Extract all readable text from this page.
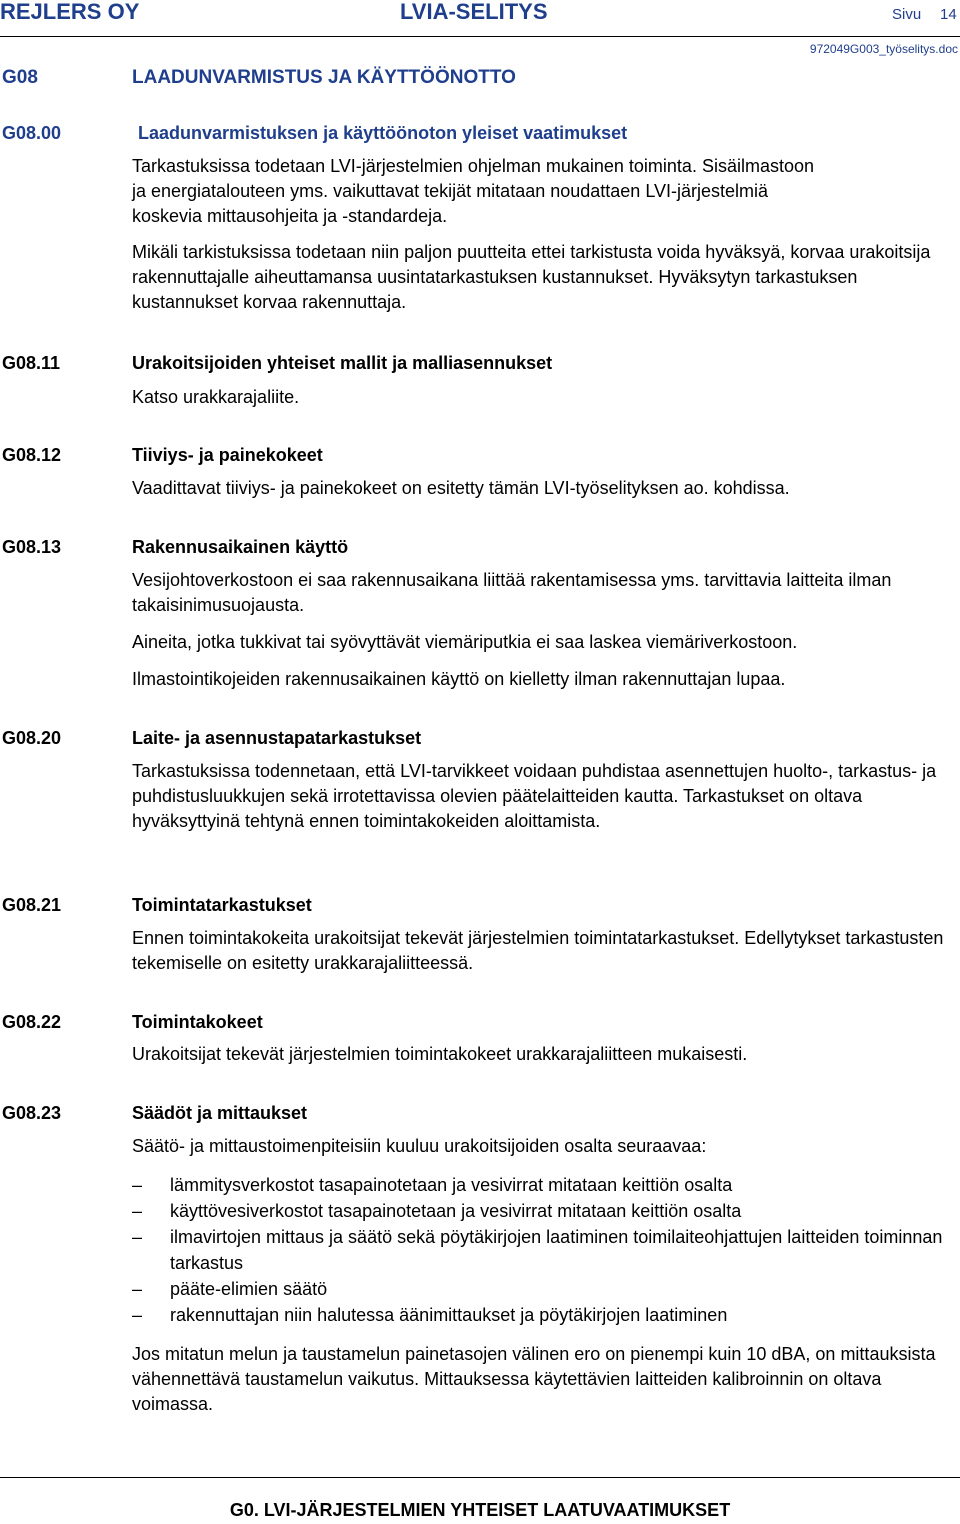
REJLERS OY	LVIA-SELITYS	Sivu 14
972049G003_työselitys.doc
G08	LAADUNVARMISTUS JA KÄYTTÖÖNOTTO
G08.00	Laadunvarmistuksen ja käyttöönoton yleiset vaatimukset

Tarkastuksissa todetaan LVI-järjestelmien ohjelman mukainen toiminta. Sisäilmastoon ja energiatalouteen yms. vaikuttavat tekijät mitataan noudattaen LVI-järjestelmiä koskevia mittausohjeita ja -standardeja.

Mikäli tarkistuksissa todetaan niin paljon puutteita ettei tarkistusta voida hyväksyä, korvaa urakoitsija rakennuttajalle aiheuttamansa uusintatarkastuksen kustannukset. Hyväksytyn tarkastuksen kustannukset korvaa rakennuttaja.

G08.11	Urakoitsijoiden yhteiset mallit ja malliasennukset

Katso urakkarajaliite.

G08.12	Tiiviys- ja painekokeet

Vaadittavat tiiviys- ja painekokeet on esitetty tämän LVI-työselityksen ao. kohdissa.

G08.13	Rakennusaikainen käyttö

Vesijohtoverkostoon ei saa rakennusaikana liittää rakentamisessa yms. tarvittavia laitteita ilman takaisinimusuojausta.

Aineita, jotka tukkivat tai syövyttävät viemäriputkia ei saa laskea viemäriverkostoon.

Ilmastointikojeiden rakennusaikainen käyttö on kielletty ilman rakennuttajan lupaa.

G08.20	Laite- ja asennustapatarkastukset

Tarkastuksissa todennetaan, että LVI-tarvikkeet voidaan puhdistaa asennettujen huolto-, tarkastus- ja puhdistusluukkujen sekä irrotettavissa olevien päätelaitteiden kautta. Tarkastukset on oltava hyväksyttyinä tehtynä ennen toimintakokeiden aloittamista.

G08.21	Toimintatarkastukset

Ennen toimintakokeita urakoitsijat tekevät järjestelmien toimintatarkastukset. Edellytykset tarkastusten tekemiselle on esitetty urakkarajaliitteessä.

G08.22	Toimintakokeet

Urakoitsijat tekevät järjestelmien toimintakokeet urakkarajaliitteen mukaisesti.

G08.23	Säädöt ja mittaukset

Säätö- ja mittaustoimenpiteisiin kuuluu urakoitsijoiden osalta seuraavaa:

–	lämmitysverkostot tasapainotetaan ja vesivirrat mitataan keittiön osalta
–	käyttövesiverkostot tasapainotetaan ja vesivirrat mitataan keittiön osalta
–	ilmavirtojen mittaus ja säätö sekä pöytäkirjojen laatiminen toimilaiteohjattujen laitteiden toiminnan tarkastus
–	pääte-elimien säätö
–	rakennuttajan niin halutessa äänimittaukset ja pöytäkirjojen laatiminen

Jos mitatun melun ja taustamelun painetasojen välinen ero on pienempi kuin 10 dBA, on mittauksista vähennettävä taustamelun vaikutus. Mittauksessa käytettävien laitteiden kalibroinnin on oltava voimassa.

G0. LVI-JÄRJESTELMIEN YHTEISET LAATUVAATIMUKSET
